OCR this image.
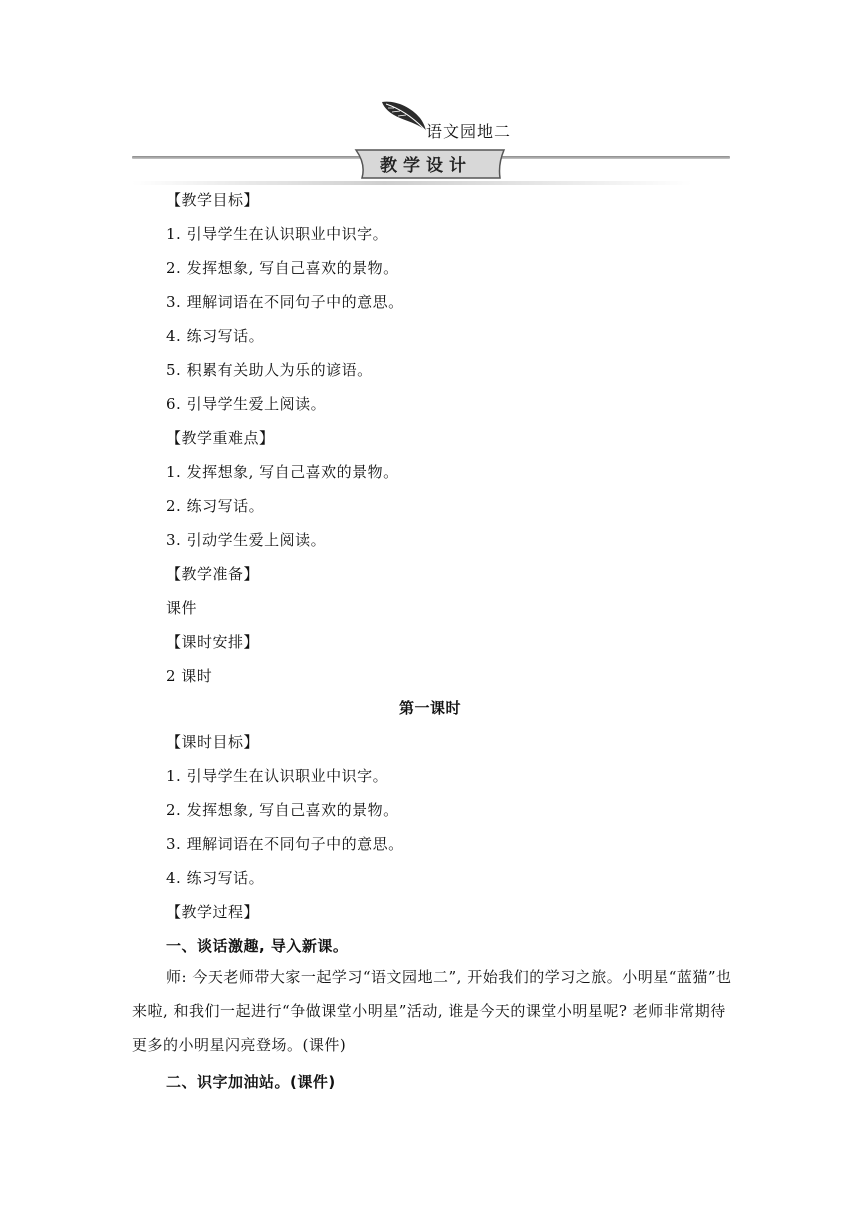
语文园地二
教学设计
【教学目标】
1. 引导学生在认识职业中识字。
2. 发挥想象, 写自己喜欢的景物。
3. 理解词语在不同句子中的意思。
4. 练习写话。
5. 积累有关助人为乐的谚语。
6. 引导学生爱上阅读。
【教学重难点】
1. 发挥想象, 写自己喜欢的景物。
2. 练习写话。
3. 引动学生爱上阅读。
【教学准备】
课件
【课时安排】
2 课时
第一课时
【课时目标】
1. 引导学生在认识职业中识字。
2. 发挥想象, 写自己喜欢的景物。
3. 理解词语在不同句子中的意思。
4. 练习写话。
【教学过程】
一、谈话激趣, 导入新课。
师: 今天老师带大家一起学习“语文园地二”, 开始我们的学习之旅。小明星“蓝猫”也来啦, 和我们一起进行“争做课堂小明星”活动, 谁是今天的课堂小明星呢? 老师非常期待更多的小明星闪亮登场。(课件)
二、识字加油站。(课件)
